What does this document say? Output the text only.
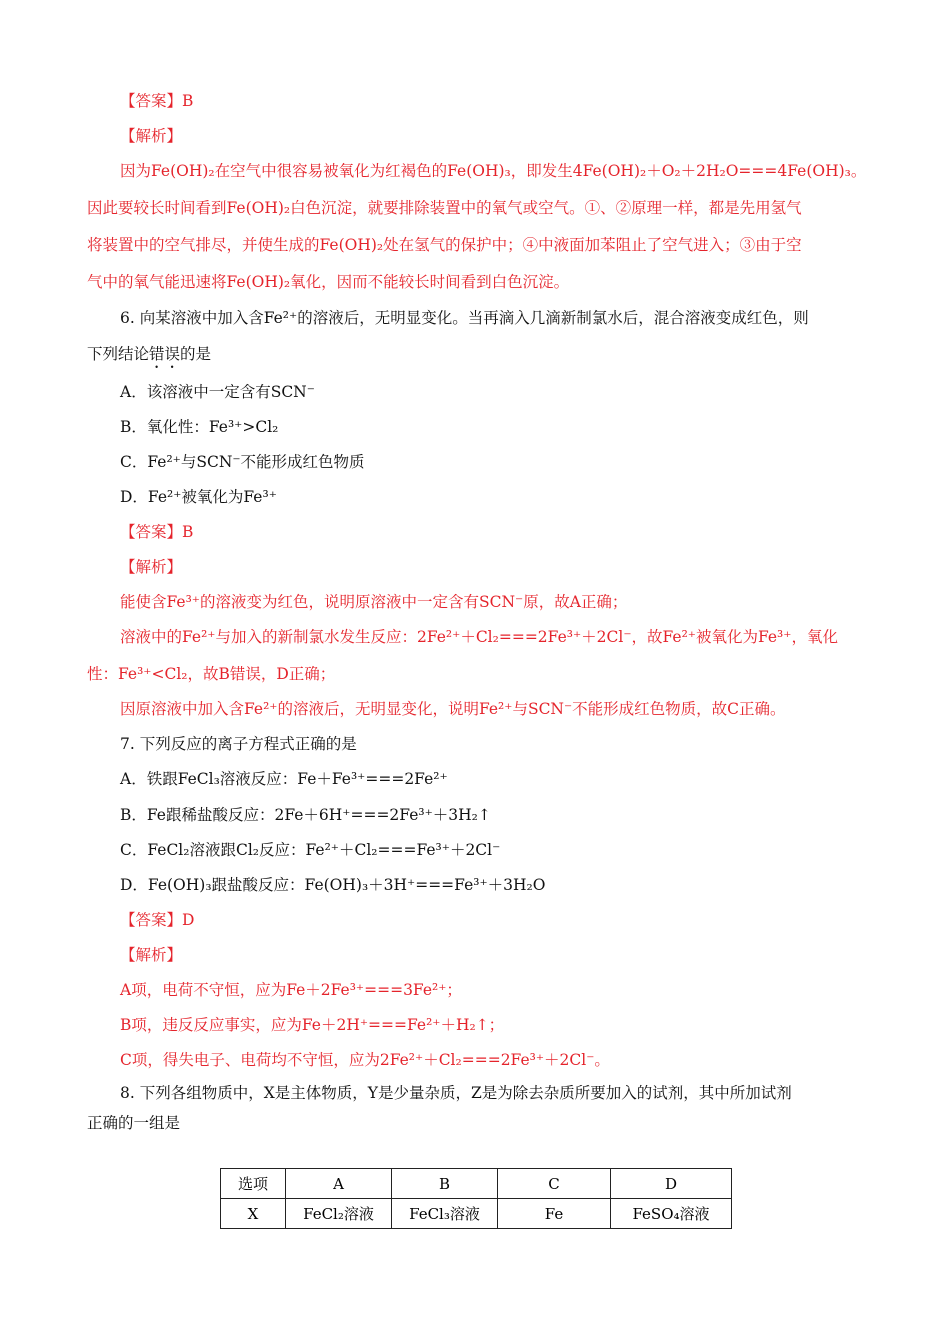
【答案】B
【解析】
因为Fe(OH)₂在空气中很容易被氧化为红褐色的Fe(OH)₃，即发生4Fe(OH)₂＋O₂＋2H₂O===4Fe(OH)₃。
因此要较长时间看到Fe(OH)₂白色沉淀，就要排除装置中的氧气或空气。①、②原理一样，都是先用氢气
将装置中的空气排尽，并使生成的Fe(OH)₂处在氢气的保护中；④中液面加苯阻止了空气进入；③由于空
气中的氧气能迅速将Fe(OH)₂氧化，因而不能较长时间看到白色沉淀。
6. 向某溶液中加入含Fe²⁺的溶液后，无明显变化。当再滴入几滴新制氯水后，混合溶液变成红色，则
下列结论错误的是
A．该溶液中一定含有SCN⁻
B．氧化性：Fe³⁺>Cl₂
C．Fe²⁺与SCN⁻不能形成红色物质
D．Fe²⁺被氧化为Fe³⁺
【答案】B
【解析】
能使含Fe³⁺的溶液变为红色，说明原溶液中一定含有SCN⁻原，故A正确；
溶液中的Fe²⁺与加入的新制氯水发生反应：2Fe²⁺＋Cl₂===2Fe³⁺＋2Cl⁻，故Fe²⁺被氧化为Fe³⁺，氧化
性：Fe³⁺<Cl₂，故B错误，D正确；
因原溶液中加入含Fe²⁺的溶液后，无明显变化，说明Fe²⁺与SCN⁻不能形成红色物质，故C正确。
7. 下列反应的离子方程式正确的是
A．铁跟FeCl₃溶液反应：Fe＋Fe³⁺===2Fe²⁺
B．Fe跟稀盐酸反应：2Fe＋6H⁺===2Fe³⁺＋3H₂↑
C．FeCl₂溶液跟Cl₂反应：Fe²⁺＋Cl₂===Fe³⁺＋2Cl⁻
D．Fe(OH)₃跟盐酸反应：Fe(OH)₃＋3H⁺===Fe³⁺＋3H₂O
【答案】D
【解析】
A项，电荷不守恒，应为Fe＋2Fe³⁺===3Fe²⁺；
B项，违反反应事实，应为Fe＋2H⁺===Fe²⁺＋H₂↑；
C项，得失电子、电荷均不守恒，应为2Fe²⁺＋Cl₂===2Fe³⁺＋2Cl⁻。
8. 下列各组物质中，X是主体物质，Y是少量杂质，Z是为除去杂质所要加入的试剂，其中所加试剂
正确的一组是
选项	A	B	C	D
X	FeCl₂溶液	FeCl₃溶液	Fe	FeSO₄溶液
